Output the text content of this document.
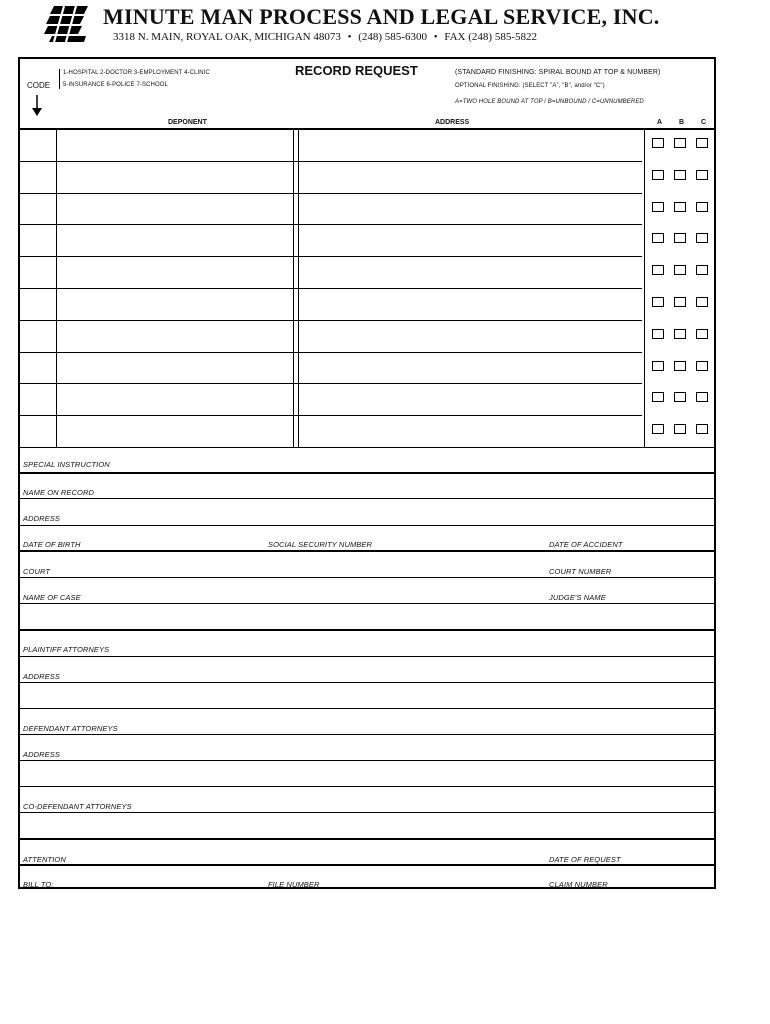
MINUTE MAN PROCESS AND LEGAL SERVICE, INC.
3318 N. MAIN, ROYAL OAK, MICHIGAN 48073 • (248) 585-6300 • FAX (248) 585-5822
1-HOSPITAL 2-DOCTOR 3-EMPLOYMENT 4-CLINIC
5-INSURANCE 6-POLICE 7-SCHOOL
CODE
RECORD REQUEST	(STANDARD FINISHING: SPIRAL BOUND AT TOP & NUMBER)
OPTIONAL FINISHING: (SELECT "A", "B", and/or "C")
A=TWO HOLE BOUND AT TOP / B=UNBOUND / C=UNNUMBERED
DEPONENT	ADDRESS	A B C
SPECIAL INSTRUCTION
NAME ON RECORD
ADDRESS
DATE OF BIRTH	SOCIAL SECURITY NUMBER	DATE OF ACCIDENT
COURT	COURT NUMBER
NAME OF CASE	JUDGE'S NAME
PLAINTIFF ATTORNEYS
ADDRESS
DEFENDANT ATTORNEYS
ADDRESS
CO-DEFENDANT ATTORNEYS
ATTENTION	DATE OF REQUEST
BILL TO:	FILE NUMBER	CLAIM NUMBER
